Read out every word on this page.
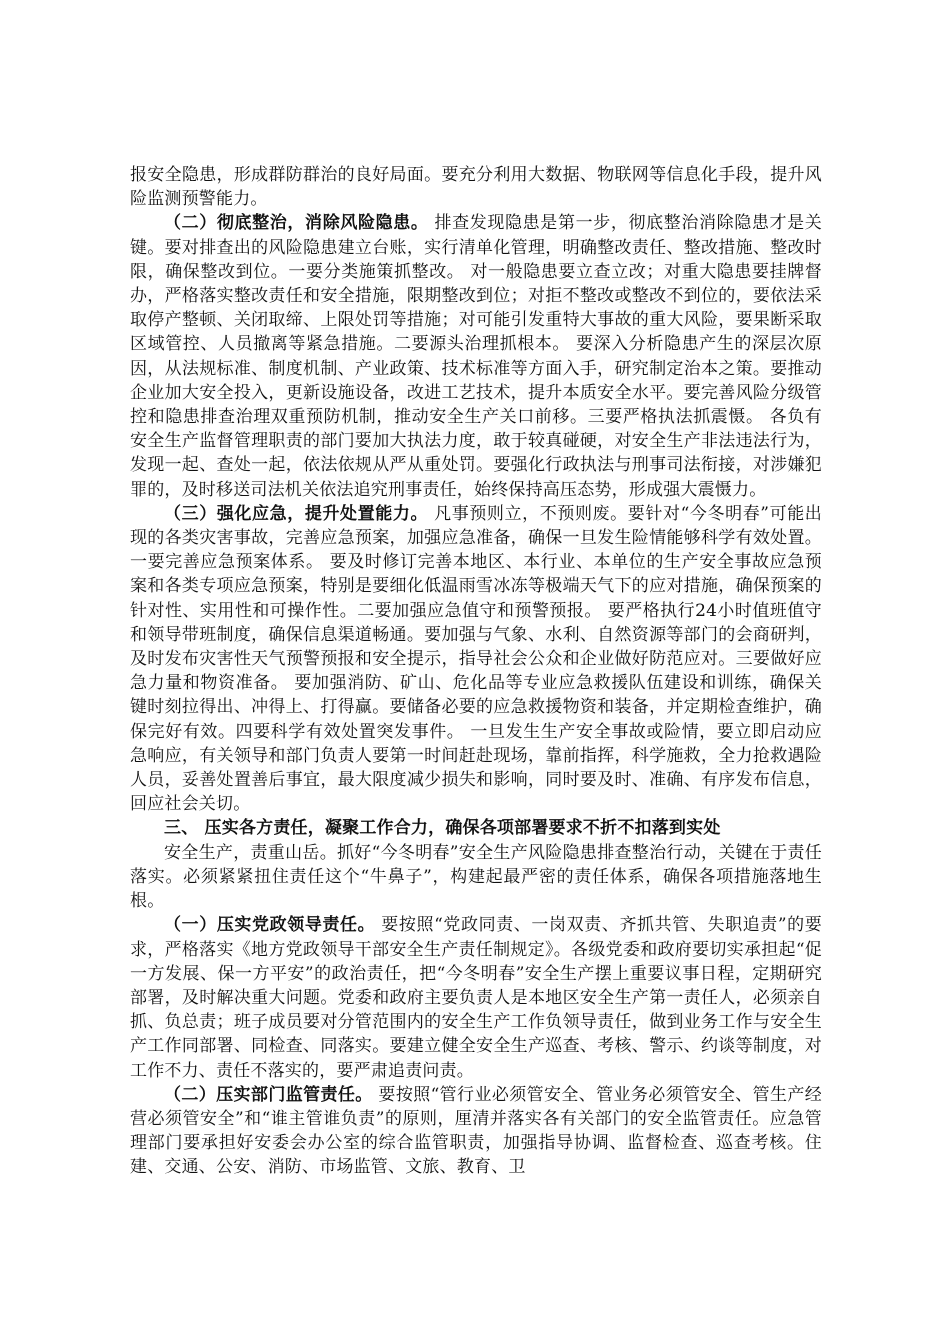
报安全隐患，形成群防群治的良好局面。要充分利用大数据、物联网等信息化手段，提升风险监测预警能力。

（二）彻底整治，消除风险隐患。 排查发现隐患是第一步，彻底整治消除隐患才是关键。要对排查出的风险隐患建立台账，实行清单化管理，明确整改责任、整改措施、整改时限，确保整改到位。一要分类施策抓整改。 对一般隐患要立查立改；对重大隐患要挂牌督办，严格落实整改责任和安全措施，限期整改到位；对拒不整改或整改不到位的，要依法采取停产整顿、关闭取缔、上限处罚等措施；对可能引发重特大事故的重大风险，要果断采取区域管控、人员撤离等紧急措施。二要源头治理抓根本。 要深入分析隐患产生的深层次原因，从法规标准、制度机制、产业政策、技术标准等方面入手，研究制定治本之策。要推动企业加大安全投入，更新设施设备，改进工艺技术，提升本质安全水平。要完善风险分级管控和隐患排查治理双重预防机制，推动安全生产关口前移。三要严格执法抓震慑。 各负有安全生产监督管理职责的部门要加大执法力度，敢于较真碰硬，对安全生产非法违法行为，发现一起、查处一起，依法依规从严从重处罚。要强化行政执法与刑事司法衔接，对涉嫌犯罪的，及时移送司法机关依法追究刑事责任，始终保持高压态势，形成强大震慑力。

（三）强化应急，提升处置能力。 凡事预则立，不预则废。要针对“今冬明春”可能出现的各类灾害事故，完善应急预案，加强应急准备，确保一旦发生险情能够科学有效处置。一要完善应急预案体系。 要及时修订完善本地区、本行业、本单位的生产安全事故应急预案和各类专项应急预案，特别是要细化低温雨雪冰冻等极端天气下的应对措施，确保预案的针对性、实用性和可操作性。二要加强应急值守和预警预报。 要严格执行24小时值班值守和领导带班制度，确保信息渠道畅通。要加强与气象、水利、自然资源等部门的会商研判，及时发布灾害性天气预警预报和安全提示，指导社会公众和企业做好防范应对。三要做好应急力量和物资准备。 要加强消防、矿山、危化品等专业应急救援队伍建设和训练，确保关键时刻拉得出、冲得上、打得赢。要储备必要的应急救援物资和装备，并定期检查维护，确保完好有效。四要科学有效处置突发事件。 一旦发生生产安全事故或险情，要立即启动应急响应，有关领导和部门负责人要第一时间赶赴现场，靠前指挥，科学施救，全力抢救遇险人员，妥善处置善后事宜，最大限度减少损失和影响，同时要及时、准确、有序发布信息，回应社会关切。

三、 压实各方责任，凝聚工作合力，确保各项部署要求不折不扣落到实处

安全生产，责重山岳。抓好“今冬明春”安全生产风险隐患排查整治行动，关键在于责任落实。必须紧紧扭住责任这个“牛鼻子”，构建起最严密的责任体系，确保各项措施落地生根。

（一）压实党政领导责任。 要按照“党政同责、一岗双责、齐抓共管、失职追责”的要求，严格落实《地方党政领导干部安全生产责任制规定》。各级党委和政府要切实承担起“促一方发展、保一方平安”的政治责任，把“今冬明春”安全生产摆上重要议事日程，定期研究部署，及时解决重大问题。党委和政府主要负责人是本地区安全生产第一责任人，必须亲自抓、负总责；班子成员要对分管范围内的安全生产工作负领导责任，做到业务工作与安全生产工作同部署、同检查、同落实。要建立健全安全生产巡查、考核、警示、约谈等制度，对工作不力、责任不落实的，要严肃追责问责。

（二）压实部门监管责任。 要按照“管行业必须管安全、管业务必须管安全、管生产经营必须管安全”和“谁主管谁负责”的原则，厘清并落实各有关部门的安全监管责任。应急管理部门要承担好安委会办公室的综合监管职责，加强指导协调、监督检查、巡查考核。住建、交通、公安、消防、市场监管、文旅、教育、卫
